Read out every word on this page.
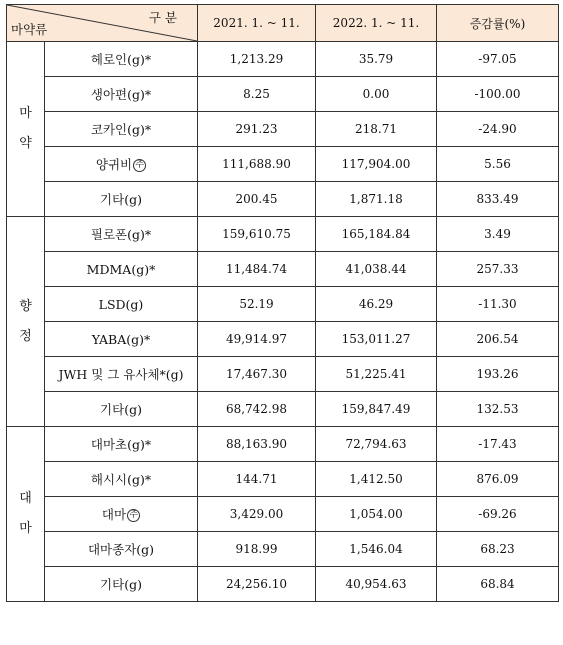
구 분
마약류		2021. 1. ~ 11.	2022. 1. ~ 11.	증감률(%)

마
약	헤로인(g)*	1,213.29	35.79	-97.05
	생아편(g)*	8.25	0.00	-100.00
	코카인(g)*	291.23	218.71	-24.90
	양귀비 주	111,688.90	117,904.00	5.56
	기타(g)	200.45	1,871.18	833.49

향
정	필로폰(g)*	159,610.75	165,184.84	3.49
	MDMA(g)*	11,484.74	41,038.44	257.33
	LSD(g)	52.19	46.29	-11.30
	YABA(g)*	49,914.97	153,011.27	206.54
	JWH 및 그 유사체*(g)	17,467.30	51,225.41	193.26
	기타(g)	68,742.98	159,847.49	132.53

대
마	대마초(g)*	88,163.90	72,794.63	-17.43
	해시시(g)*	144.71	1,412.50	876.09
	대마 주	3,429.00	1,054.00	-69.26
	대마종자(g)	918.99	1,546.04	68.23
	기타(g)	24,256.10	40,954.63	68.84
